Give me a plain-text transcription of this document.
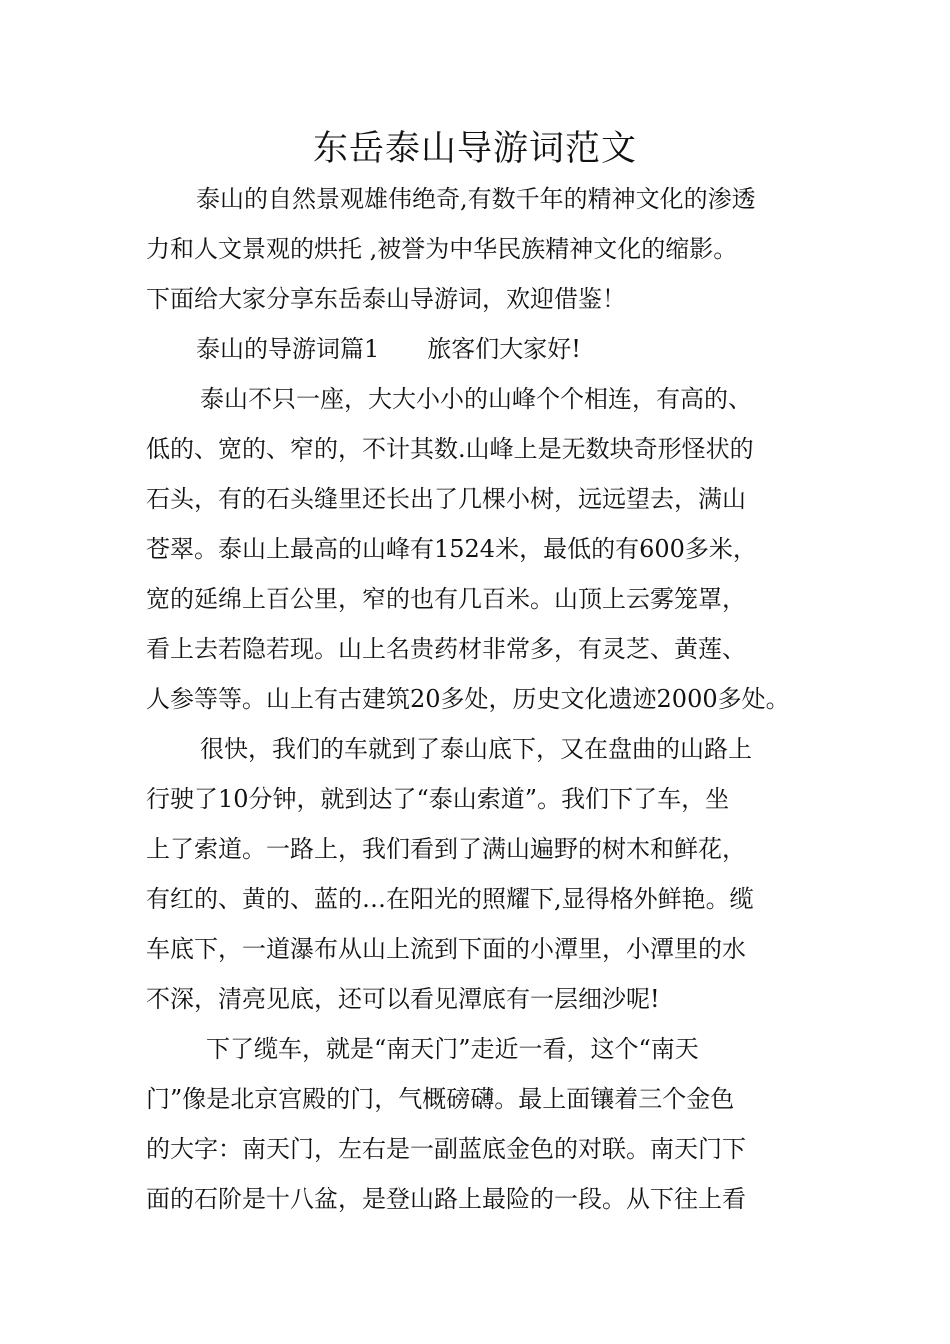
东岳泰山导游词范文
泰山的自然景观雄伟绝奇,有数千年的精神文化的渗透
力和人文景观的烘托 ,被誉为中华民族精神文化的缩影。
下面给大家分享东岳泰山导游词，欢迎借鉴！
泰山的导游词篇1　　旅客们大家好!
泰山不只一座，大大小小的山峰个个相连，有高的、
低的、宽的、窄的，不计其数.山峰上是无数块奇形怪状的
石头，有的石头缝里还长出了几棵小树，远远望去，满山
苍翠。泰山上最高的山峰有1524米，最低的有600多米，
宽的延绵上百公里，窄的也有几百米。山顶上云雾笼罩，
看上去若隐若现。山上名贵药材非常多，有灵芝、黄莲、
人参等等。山上有古建筑20多处，历史文化遗迹2000多处。
很快，我们的车就到了泰山底下，又在盘曲的山路上
行驶了10分钟，就到达了“泰山索道”。我们下了车，坐
上了索道。一路上，我们看到了满山遍野的树木和鲜花，
有红的、黄的、蓝的…在阳光的照耀下,显得格外鲜艳。缆
车底下，一道瀑布从山上流到下面的小潭里，小潭里的水
不深，清亮见底，还可以看见潭底有一层细沙呢!
下了缆车，就是“南天门”走近一看，这个“南天
门”像是北京宫殿的门，气概磅礴。最上面镶着三个金色
的大字：南天门，左右是一副蓝底金色的对联。南天门下
面的石阶是十八盆，是登山路上最险的一段。从下往上看
